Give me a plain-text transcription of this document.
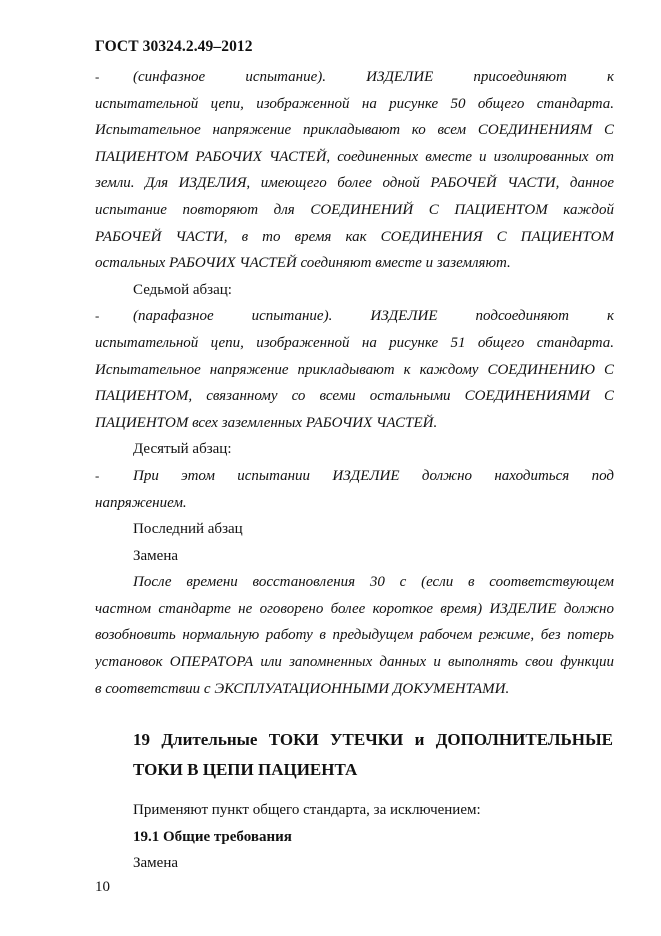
ГОСТ 30324.2.49–2012
-	(синфазное испытание). ИЗДЕЛИЕ присоединяют к
испытательной цепи, изображенной на рисунке 50 общего стандарта.
Испытательное напряжение прикладывают ко всем СОЕДИНЕНИЯМ С
ПАЦИЕНТОМ РАБОЧИХ ЧАСТЕЙ, соединенных вместе и изолированных от
земли. Для ИЗДЕЛИЯ, имеющего более одной РАБОЧЕЙ ЧАСТИ, данное
испытание повторяют для СОЕДИНЕНИЙ С ПАЦИЕНТОМ каждой
РАБОЧЕЙ ЧАСТИ, в то время как СОЕДИНЕНИЯ С ПАЦИЕНТОМ
остальных РАБОЧИХ ЧАСТЕЙ соединяют вместе и заземляют.
Седьмой абзац:
-	(парафазное испытание). ИЗДЕЛИЕ подсоединяют к
испытательной цепи, изображенной на рисунке 51 общего стандарта.
Испытательное напряжение прикладывают к каждому СОЕДИНЕНИЮ С
ПАЦИЕНТОМ, связанному со всеми остальными СОЕДИНЕНИЯМИ С
ПАЦИЕНТОМ всех заземленных РАБОЧИХ ЧАСТЕЙ.
Десятый абзац:
-	При этом испытании ИЗДЕЛИЕ должно находиться под
напряжением.
Последний абзац
Замена
После времени восстановления 30 с (если в соответствующем
частном стандарте не оговорено более короткое время) ИЗДЕЛИЕ должно
возобновить нормальную работу в предыдущем рабочем режиме, без потерь
установок ОПЕРАТОРА или запомненных данных и выполнять свои функции
в соответствии с ЭКСПЛУАТАЦИОННЫМИ ДОКУМЕНТАМИ.
19 Длительные ТОКИ УТЕЧКИ и ДОПОЛНИТЕЛЬНЫЕ
ТОКИ В ЦЕПИ ПАЦИЕНТА
Применяют пункт общего стандарта, за исключением:
19.1 Общие требования
Замена
10
